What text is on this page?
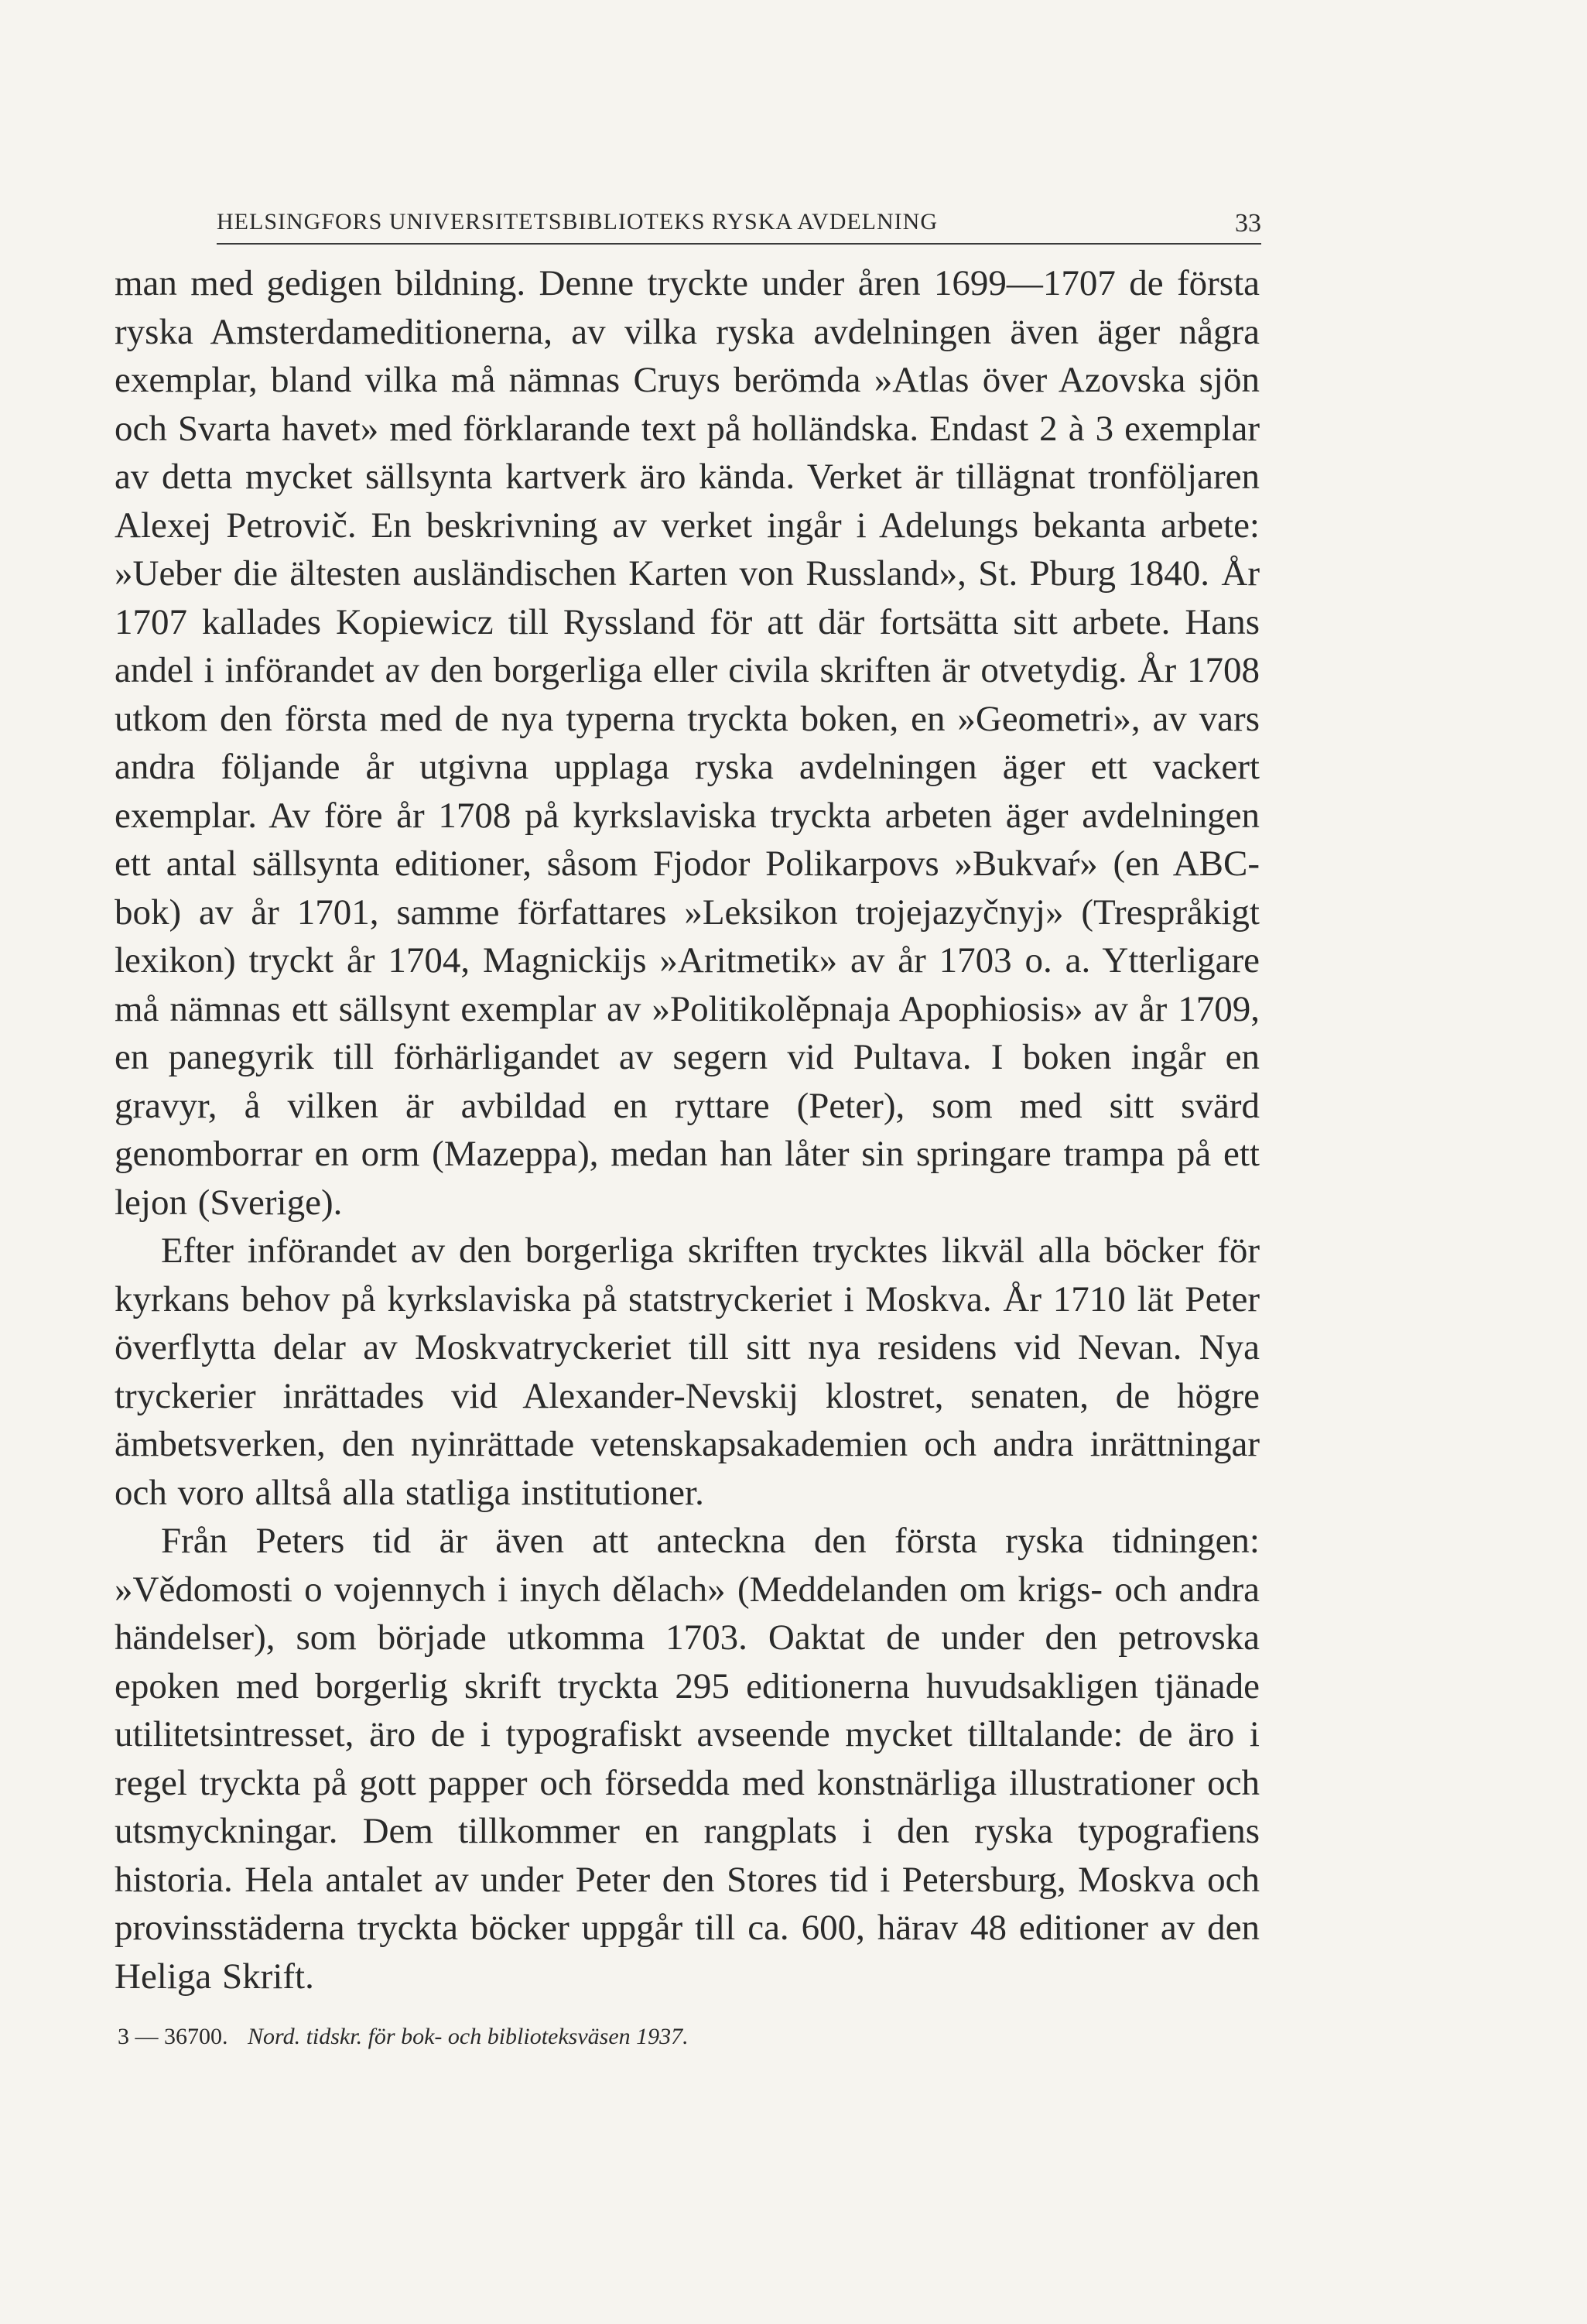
HELSINGFORS UNIVERSITETSBIBLIOTEKS RYSKA AVDELNING	33

man med gedigen bildning. Denne tryckte under åren 1699—1707 de första ryska Amsterdameditionerna, av vilka ryska avdelningen även äger några exemplar, bland vilka må nämnas Cruys berömda »Atlas över Azovska sjön och Svarta havet» med förklarande text på holländska. Endast 2 à 3 exemplar av detta mycket sällsynta kartverk äro kända. Verket är tillägnat tronföljaren Alexej Petrovič. En beskrivning av verket ingår i Adelungs bekanta arbete: »Ueber die ältesten ausländischen Karten von Russland», St. Pburg 1840. År 1707 kallades Kopiewicz till Ryssland för att där fortsätta sitt arbete. Hans andel i införandet av den borgerliga eller civila skriften är otvetydig. År 1708 utkom den första med de nya typerna tryckta boken, en »Geometri», av vars andra följande år utgivna upplaga ryska avdelningen äger ett vackert exemplar. Av före år 1708 på kyrkslaviska tryckta arbeten äger avdelningen ett antal sällsynta editioner, såsom Fjodor Polikarpovs »Bukvaŕ» (en ABC-bok) av år 1701, samme författares »Leksikon trojejazyčnyj» (Trespråkigt lexikon) tryckt år 1704, Magnickijs »Aritmetik» av år 1703 o. a. Ytterligare må nämnas ett sällsynt exemplar av »Politikolěpnaja Apophiosis» av år 1709, en panegyrik till förhärligandet av segern vid Pultava. I boken ingår en gravyr, å vilken är avbildad en ryttare (Peter), som med sitt svärd genomborrar en orm (Mazeppa), medan han låter sin springare trampa på ett lejon (Sverige).

Efter införandet av den borgerliga skriften trycktes likväl alla böcker för kyrkans behov på kyrkslaviska på statstryckeriet i Moskva. År 1710 lät Peter överflytta delar av Moskvatryckeriet till sitt nya residens vid Nevan. Nya tryckerier inrättades vid Alexander-Nevskij klostret, senaten, de högre ämbetsverken, den nyinrättade vetenskapsakademien och andra inrättningar och voro alltså alla statliga institutioner.

Från Peters tid är även att anteckna den första ryska tidningen: »Vědomosti o vojennych i inych dělach» (Meddelanden om krigs- och andra händelser), som började utkomma 1703. Oaktat de under den petrovska epoken med borgerlig skrift tryckta 295 editionerna huvudsakligen tjänade utilitetsintresset, äro de i typografiskt avseende mycket tilltalande: de äro i regel tryckta på gott papper och försedda med konstnärliga illustrationer och utsmyckningar. Dem tillkommer en rangplats i den ryska typografiens historia. Hela antalet av under Peter den Stores tid i Petersburg, Moskva och provinsstäderna tryckta böcker uppgår till ca. 600, härav 48 editioner av den Heliga Skrift.

3 — 36700. Nord. tidskr. för bok- och biblioteksväsen 1937.
